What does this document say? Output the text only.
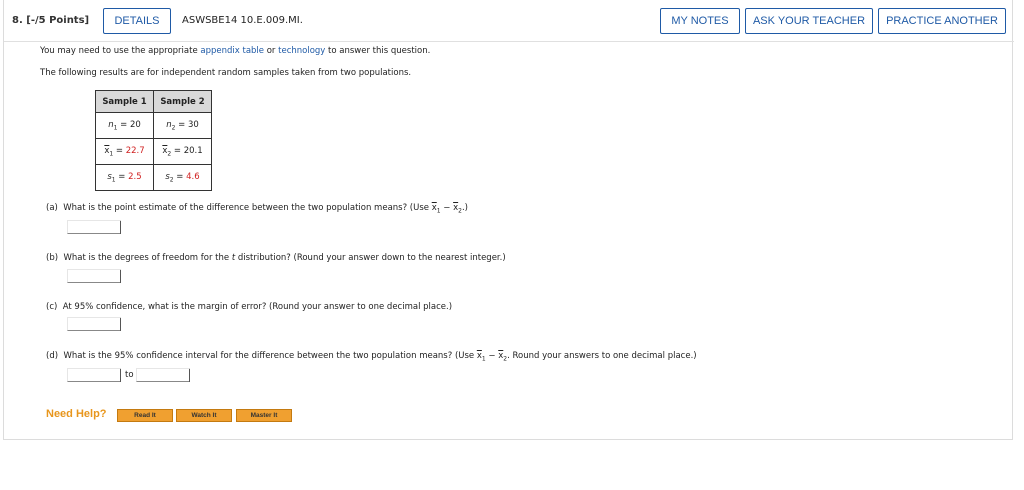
8. [-/5 Points]	DETAILS	ASWSBE14 10.E.009.MI.	MY NOTES	ASK YOUR TEACHER	PRACTICE ANOTHER
You may need to use the appropriate appendix table or technology to answer this question.
The following results are for independent random samples taken from two populations.
Sample 1	Sample 2
$n_1 = 20$	$n_2 = 30$
$\overline{x}_1 = 22.7$	$\overline{x}_2 = 20.1$
$s_1 = 2.5$	$s_2 = 4.6$
(a) What is the point estimate of the difference between the two population means? (Use $\overline{x}_1 - \overline{x}_2$.)
(b) What is the degrees of freedom for the t distribution? (Round your answer down to the nearest integer.)
(c) At 95% confidence, what is the margin of error? (Round your answer to one decimal place.)
(d) What is the 95% confidence interval for the difference between the two population means? (Use $\overline{x}_1 - \overline{x}_2$. Round your answers to one decimal place.)
to
Need Help?	Read It	Watch It	Master It
